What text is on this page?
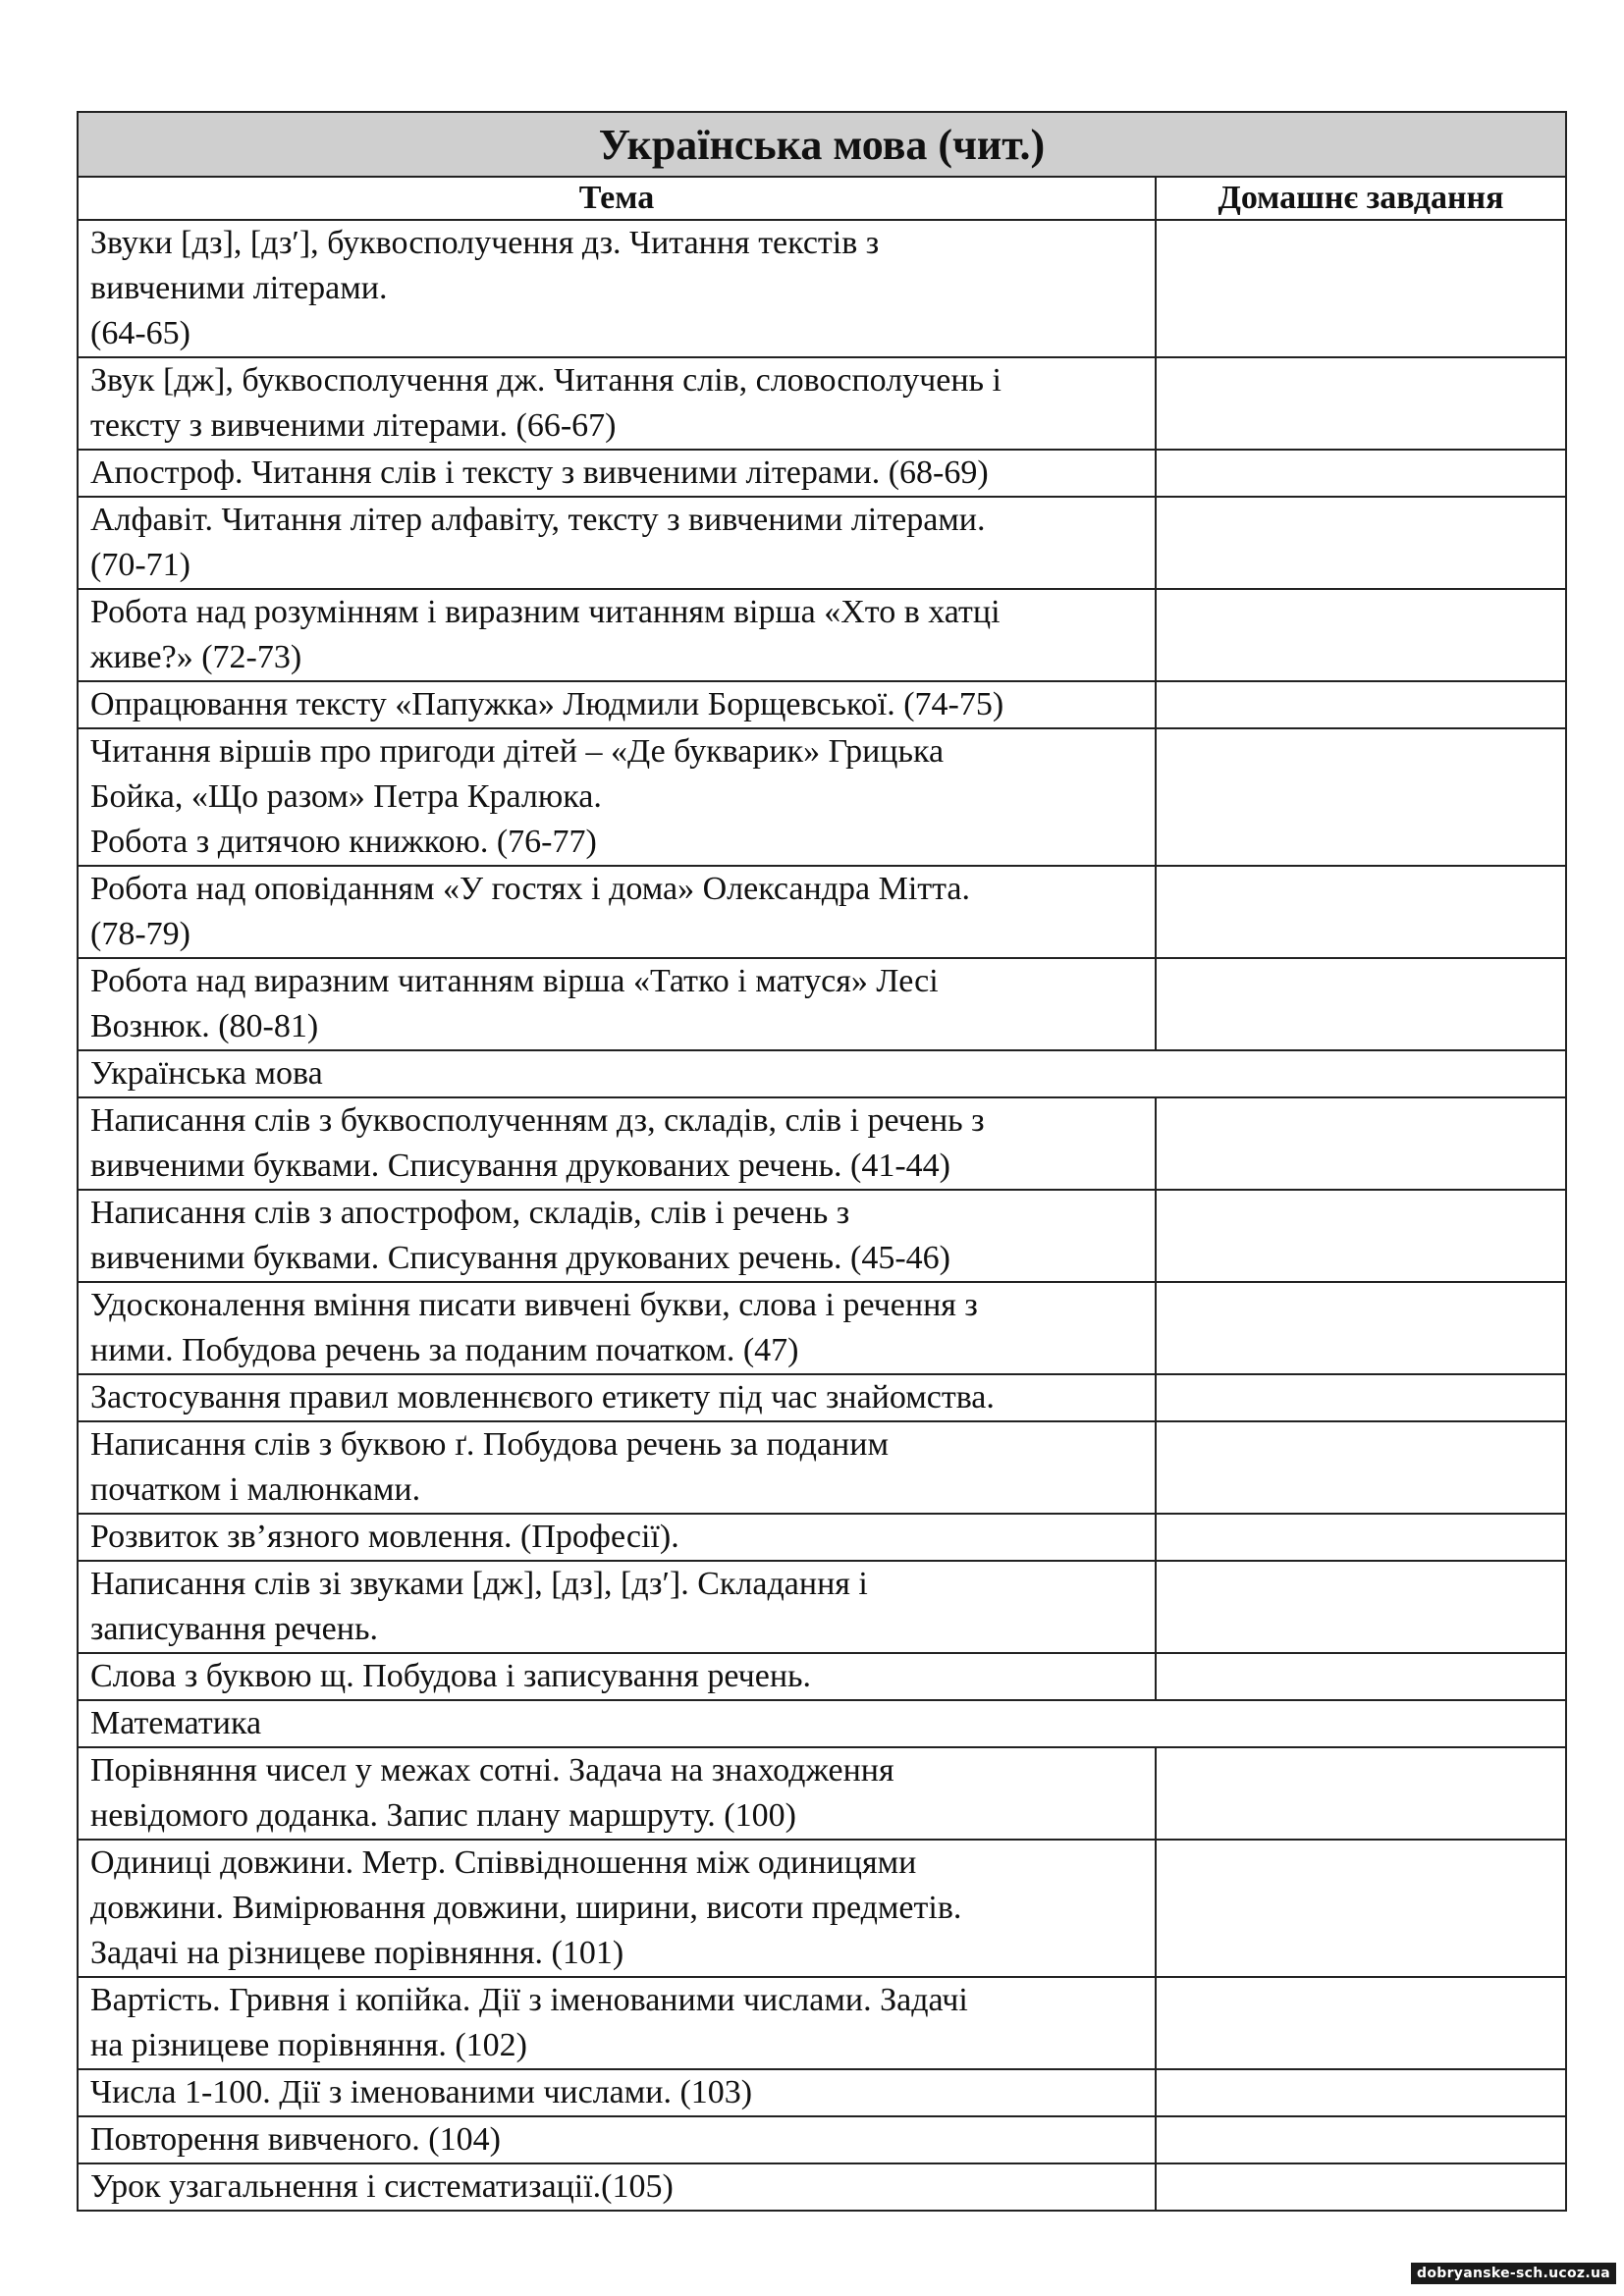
Українська мова (чит.)	
Тема	Домашнє завдання

Звуки [дз], [дз′], буквосполучення дз. Читання текстів з
вивченими літерами.
(64-65)	

Звук [дж], буквосполучення дж. Читання слів, словосполучень і
тексту з вивченими літерами. (66-67)	

Апостроф. Читання слів і тексту з вивченими літерами. (68-69)	

Алфавіт. Читання літер алфавіту, тексту з вивченими літерами.
(70-71)	

Робота над розумінням і виразним читанням вірша «Хто в хатці
живе?» (72-73)	

Опрацювання тексту «Папужка» Людмили Борщевської. (74-75)	

Читання віршів про пригоди дітей – «Де букварик» Грицька
Бойка, «Що разом» Петра Кралюка.
Робота з дитячою книжкою. (76-77)	

Робота над оповіданням «У гостях і дома» Олександра Мітта.
(78-79)	

Робота над виразним читанням вірша «Татко і матуся» Лесі
Вознюк. (80-81)	

Українська мова	

Написання слів з буквосполученням дз, складів, слів і речень з
вивченими буквами. Списування друкованих речень. (41-44)	

Написання слів з апострофом, складів, слів і речень з
вивченими буквами. Списування друкованих речень. (45-46)	

Удосконалення вміння писати вивчені букви, слова і речення з
ними. Побудова речень за поданим початком. (47)	

Застосування правил мовленнєвого етикету під час знайомства.	

Написання слів з буквою ґ. Побудова речень за поданим
початком і малюнками.	

Розвиток зв’язного мовлення. (Професії).	

Написання слів зі звуками [дж], [дз], [дз′]. Складання і
записування речень.	

Слова з буквою щ. Побудова і записування речень.	

Математика	

Порівняння чисел у межах сотні. Задача на знаходження
невідомого доданка. Запис плану маршруту. (100)	

Одиниці довжини. Метр. Співвідношення між одиницями
довжини. Вимірювання довжини, ширини, висоти предметів.
Задачі на різницеве порівняння. (101)	

Вартість. Гривня і копійка. Дії з іменованими числами. Задачі
на різницеве порівняння. (102)	

Числа 1-100. Дії з іменованими числами. (103)	

Повторення вивченого. (104)	

Урок узагальнення і систематизації.(105)	

dobryanske-sch.ucoz.ua
